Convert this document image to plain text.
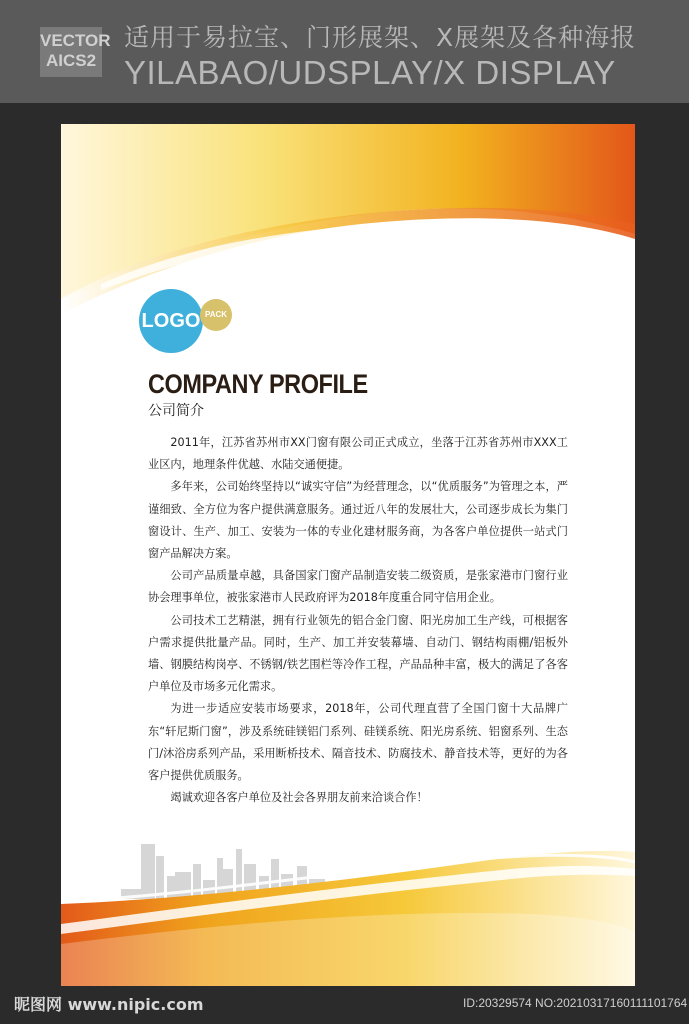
VECTOR
AICS2
适用于易拉宝、门形展架、X展架及各种海报
YILABAO/UDSPLAY/X DISPLAY
LOGO PACK
COMPANY PROFILE
公司简介

2011年，江苏省苏州市XX门窗有限公司正式成立，坐落于江苏省苏州市XXX工业区内，地理条件优越、水陆交通便捷。

多年来，公司始终坚持以“诚实守信”为经营理念，以“优质服务”为管理之本，严谨细致、全方位为客户提供满意服务。通过近八年的发展壮大，公司逐步成长为集门窗设计、生产、加工、安装为一体的专业化建材服务商，为各客户单位提供一站式门窗产品解决方案。

公司产品质量卓越，具备国家门窗产品制造安装二级资质，是张家港市门窗行业协会理事单位，被张家港市人民政府评为2018年度重合同守信用企业。

公司技术工艺精湛，拥有行业领先的铝合金门窗、阳光房加工生产线，可根据客户需求提供批量产品。同时，生产、加工并安装幕墙、自动门、钢结构雨棚/铝板外墙、钢膜结构岗亭、不锈钢/铁艺围栏等冷作工程，产品品种丰富，极大的满足了各客户单位及市场多元化需求。

为进一步适应安装市场要求，2018年，公司代理直营了全国门窗十大品牌广东“轩尼斯门窗”，涉及系统硅镁铝门系列、硅镁系统、阳光房系统、铝窗系列、生态门/沐浴房系列产品，采用断桥技术、隔音技术、防腐技术、静音技术等，更好的为各客户提供优质服务。

竭诚欢迎各客户单位及社会各界朋友前来洽谈合作！

昵图网 www.nipic.com	ID:20329574 NO:20210317160111101764
